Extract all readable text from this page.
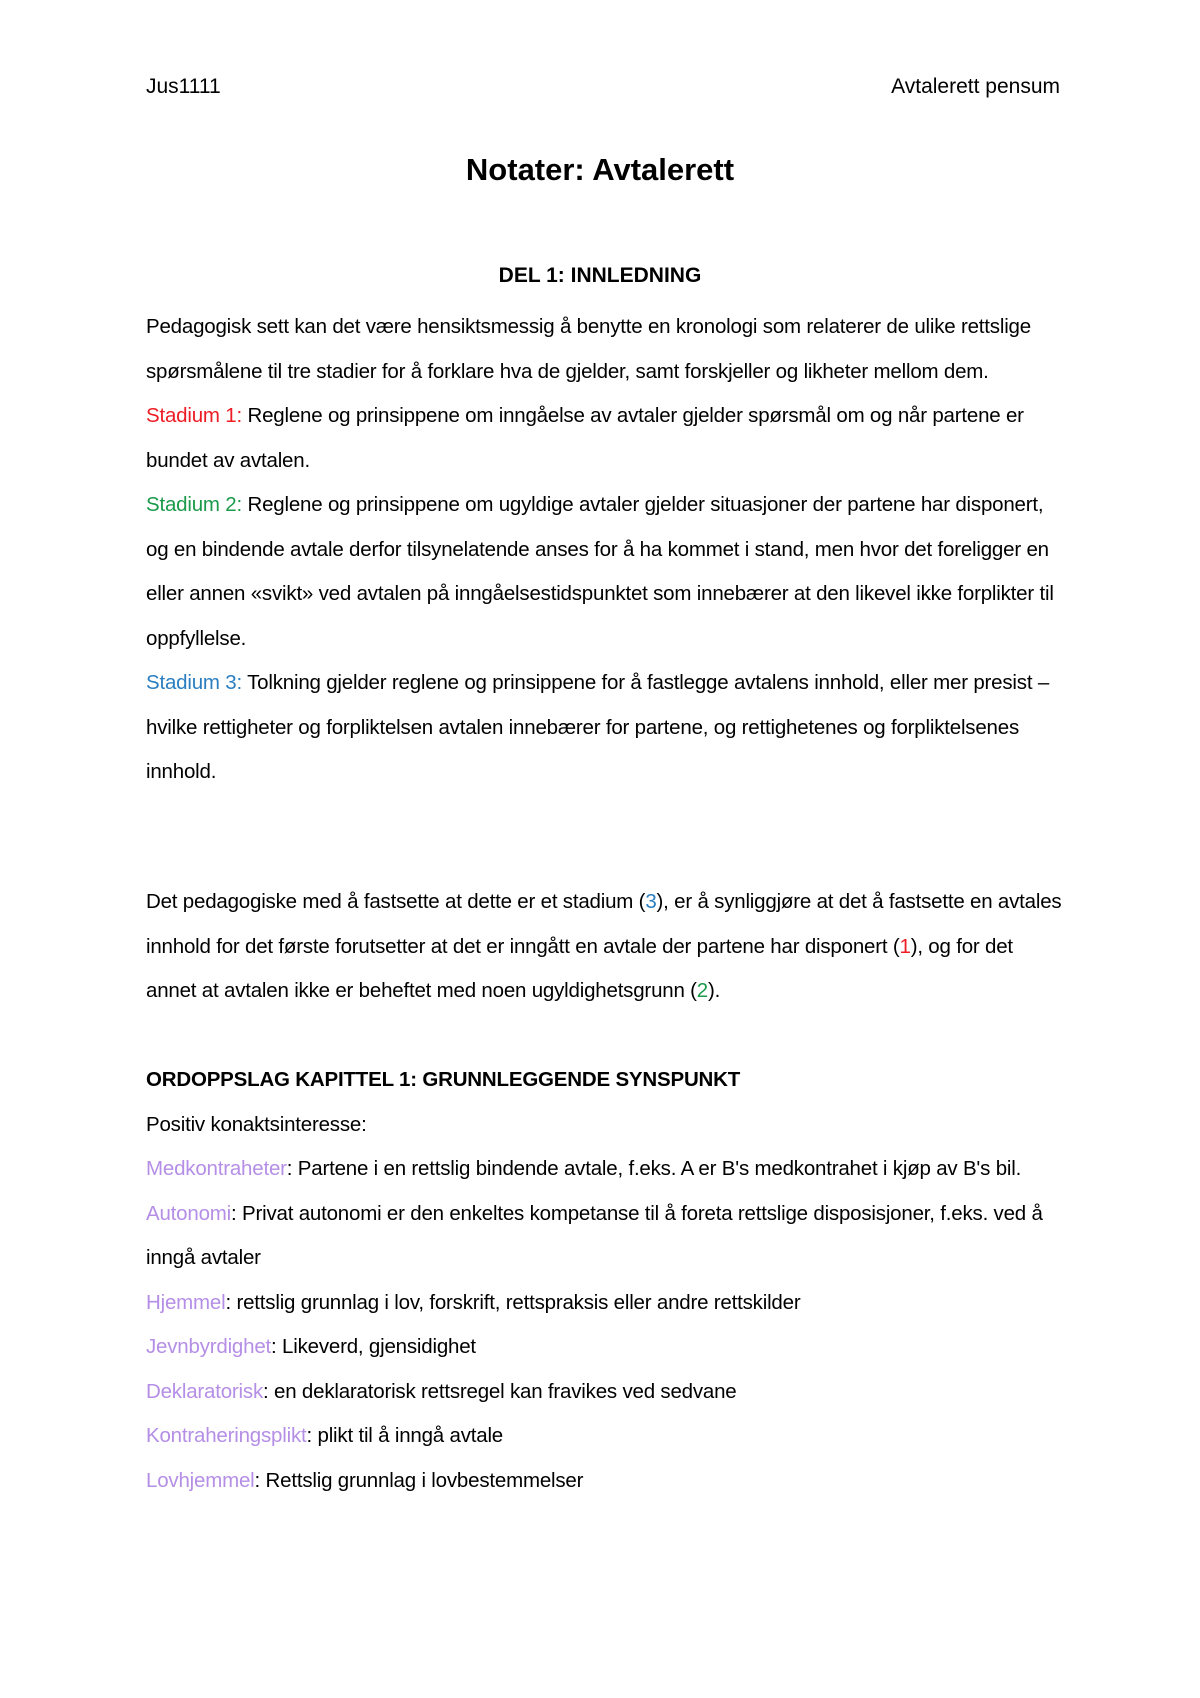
Jus1111	Avtalerett pensum
Notater: Avtalerett
DEL 1: INNLEDNING

Pedagogisk sett kan det være hensiktsmessig å benytte en kronologi som relaterer de ulike rettslige spørsmålene til tre stadier for å forklare hva de gjelder, samt forskjeller og likheter mellom dem.

Stadium 1: Reglene og prinsippene om inngåelse av avtaler gjelder spørsmål om og når partene er bundet av avtalen.

Stadium 2: Reglene og prinsippene om ugyldige avtaler gjelder situasjoner der partene har disponert, og en bindende avtale derfor tilsynelatende anses for å ha kommet i stand, men hvor det foreligger en eller annen «svikt» ved avtalen på inngåelsestidspunktet som innebærer at den likevel ikke forplikter til oppfyllelse.

Stadium 3: Tolkning gjelder reglene og prinsippene for å fastlegge avtalens innhold, eller mer presist – hvilke rettigheter og forpliktelsen avtalen innebærer for partene, og rettighetenes og forpliktelsenes innhold.

Det pedagogiske med å fastsette at dette er et stadium (3), er å synliggjøre at det å fastsette en avtales innhold for det første forutsetter at det er inngått en avtale der partene har disponert (1), og for det annet at avtalen ikke er beheftet med noen ugyldighetsgrunn (2).

ORDOPPSLAG KAPITTEL 1: GRUNNLEGGENDE SYNSPUNKT

Positiv konaktsinteresse:

Medkontraheter: Partene i en rettslig bindende avtale, f.eks. A er B's medkontrahet i kjøp av B's bil.

Autonomi: Privat autonomi er den enkeltes kompetanse til å foreta rettslige disposisjoner, f.eks. ved å inngå avtaler

Hjemmel: rettslig grunnlag i lov, forskrift, rettspraksis eller andre rettskilder

Jevnbyrdighet: Likeverd, gjensidighet

Deklaratorisk: en deklaratorisk rettsregel kan fravikes ved sedvane

Kontraheringsplikt: plikt til å inngå avtale

Lovhjemmel: Rettslig grunnlag i lovbestemmelser
